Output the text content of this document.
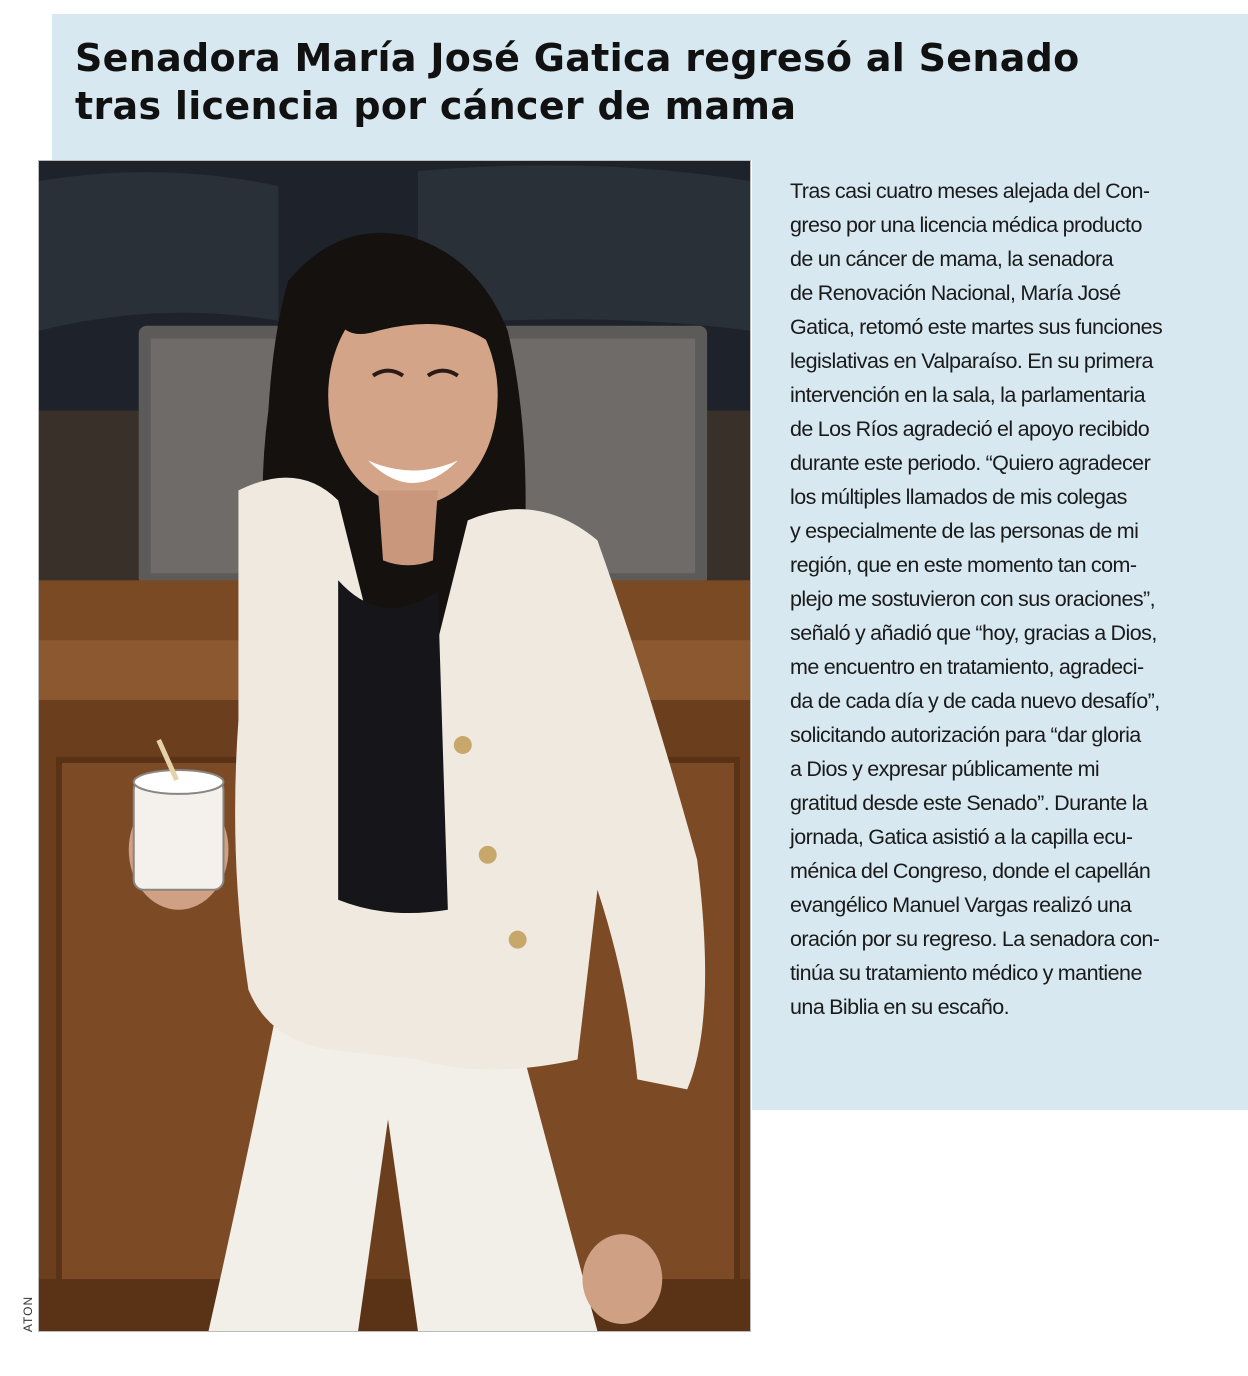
Senadora María José Gatica regresó al Senado
tras licencia por cáncer de mama
ATON
Tras casi cuatro meses alejada del Con-
greso por una licencia médica producto
de un cáncer de mama, la senadora
de Renovación Nacional, María José
Gatica, retomó este martes sus funciones
legislativas en Valparaíso. En su primera
intervención en la sala, la parlamentaria
de Los Ríos agradeció el apoyo recibido
durante este periodo. “Quiero agradecer
los múltiples llamados de mis colegas
y especialmente de las personas de mi
región, que en este momento tan com-
plejo me sostuvieron con sus oraciones”,
señaló y añadió que “hoy, gracias a Dios,
me encuentro en tratamiento, agradeci-
da de cada día y de cada nuevo desafío”,
solicitando autorización para “dar gloria
a Dios y expresar públicamente mi
gratitud desde este Senado”. Durante la
jornada, Gatica asistió a la capilla ecu-
ménica del Congreso, donde el capellán
evangélico Manuel Vargas realizó una
oración por su regreso. La senadora con-
tinúa su tratamiento médico y mantiene
una Biblia en su escaño.
